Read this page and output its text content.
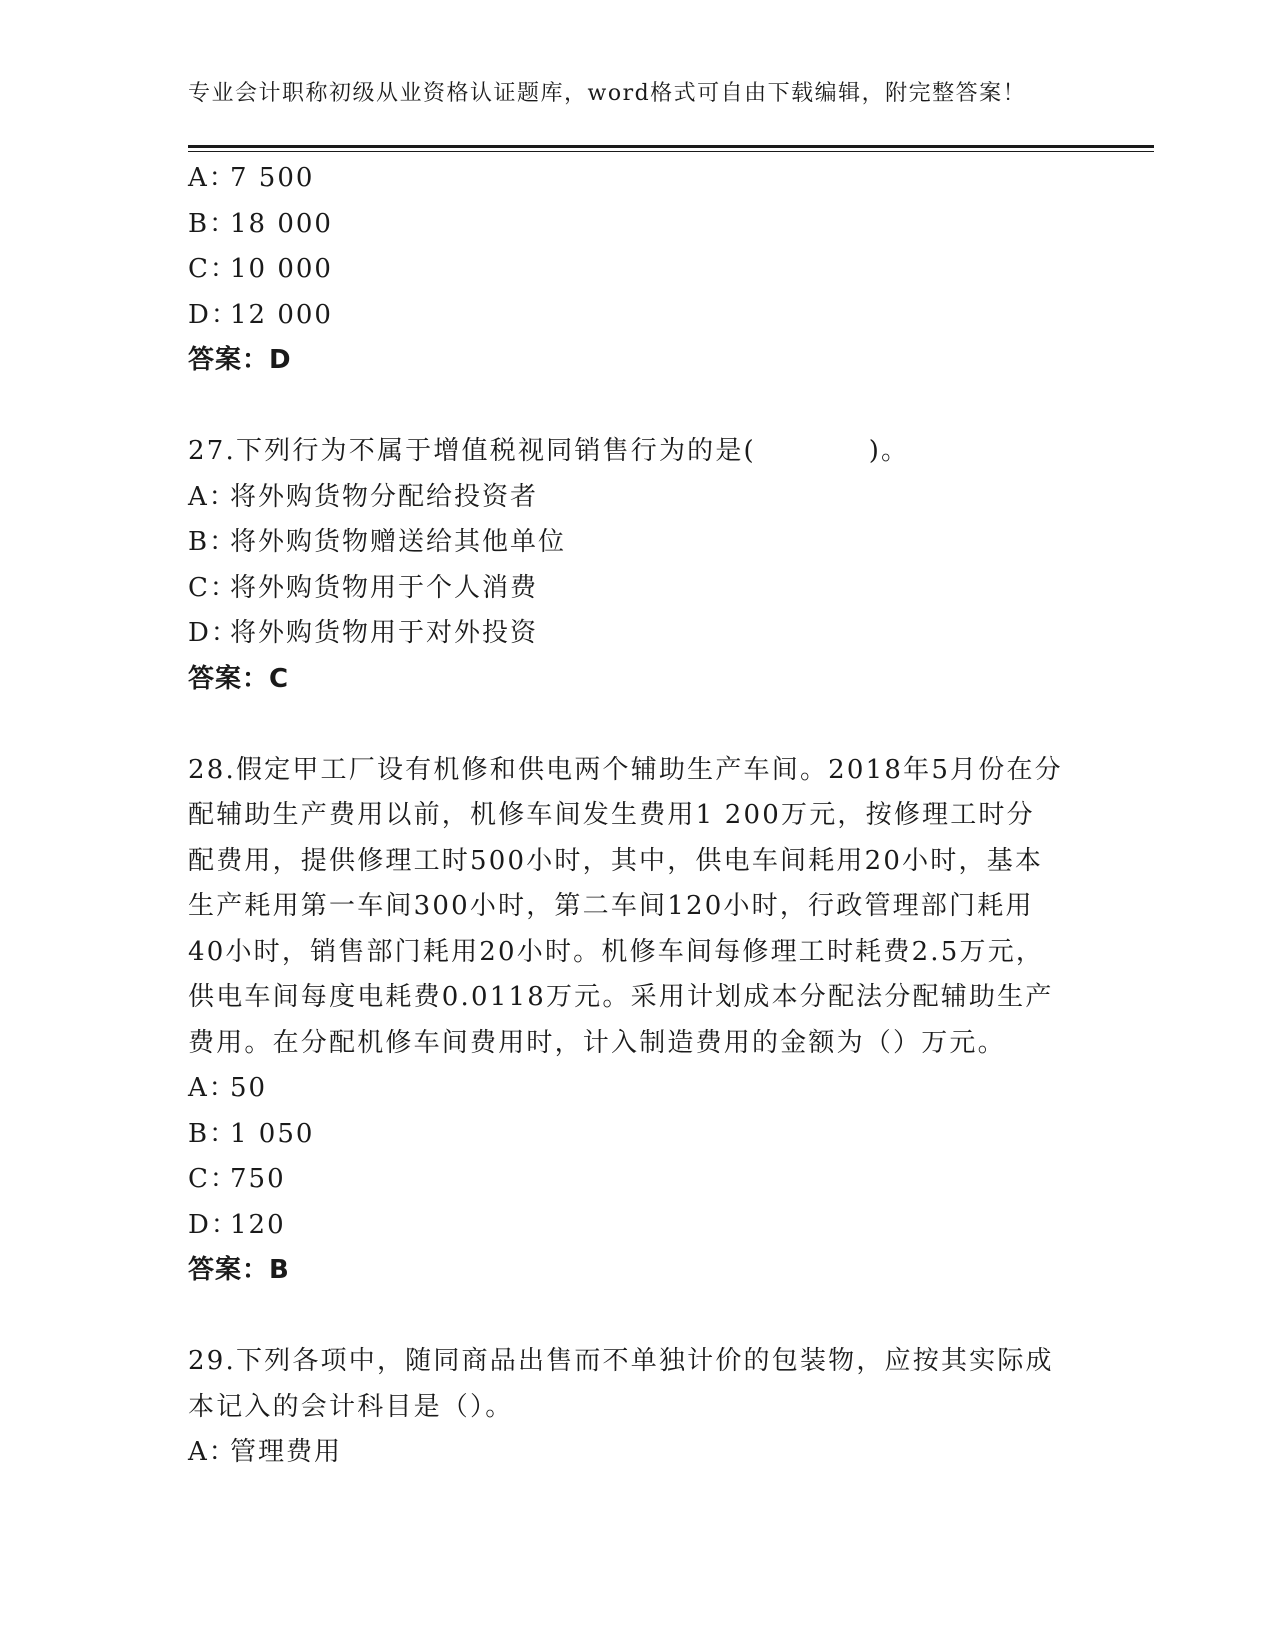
专业会计职称初级从业资格认证题库，word格式可自由下载编辑，附完整答案！
A：7 500
B：18 000
C：10 000
D：12 000
答案：D
27.下列行为不属于增值税视同销售行为的是(　　　　)。
A：将外购货物分配给投资者
B：将外购货物赠送给其他单位
C：将外购货物用于个人消费
D：将外购货物用于对外投资
答案：C
28.假定甲工厂设有机修和供电两个辅助生产车间。2018年5月份在分
配辅助生产费用以前，机修车间发生费用1 200万元，按修理工时分
配费用，提供修理工时500小时，其中，供电车间耗用20小时，基本
生产耗用第一车间300小时，第二车间120小时，行政管理部门耗用
40小时，销售部门耗用20小时。机修车间每修理工时耗费2.5万元，
供电车间每度电耗费0.0118万元。采用计划成本分配法分配辅助生产
费用。在分配机修车间费用时，计入制造费用的金额为（）万元。
A：50
B：1 050
C：750
D：120
答案：B
29.下列各项中，随同商品出售而不单独计价的包装物，应按其实际成
本记入的会计科目是（）。
A：管理费用
